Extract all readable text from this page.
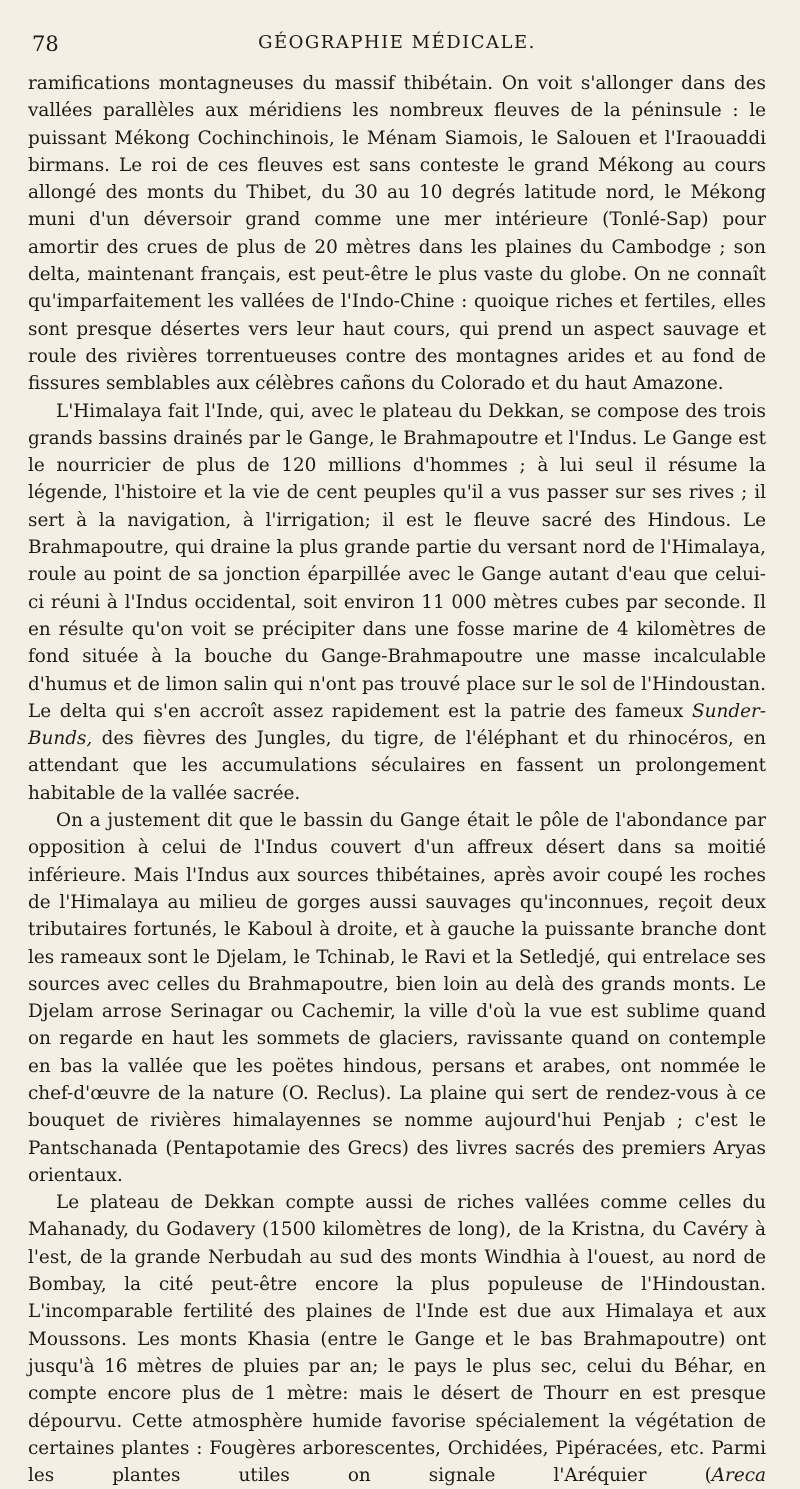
78	GÉOGRAPHIE MÉDICALE.

ramifications montagneuses du massif thibétain. On voit s'allonger dans des vallées parallèles aux méridiens les nombreux fleuves de la péninsule : le puissant Mékong Cochinchinois, le Ménam Siamois, le Salouen et l'Iraouaddi birmans. Le roi de ces fleuves est sans conteste le grand Mékong au cours allongé des monts du Thibet, du 30 au 10 degrés latitude nord, le Mékong muni d'un déversoir grand comme une mer intérieure (Tonlé-Sap) pour amortir des crues de plus de 20 mètres dans les plaines du Cambodge ; son delta, maintenant français, est peut-être le plus vaste du globe. On ne connaît qu'imparfaitement les vallées de l'Indo-Chine : quoique riches et fertiles, elles sont presque désertes vers leur haut cours, qui prend un aspect sauvage et roule des rivières torrentueuses contre des montagnes arides et au fond de fissures semblables aux célèbres cañons du Colorado et du haut Amazone.

L'Himalaya fait l'Inde, qui, avec le plateau du Dekkan, se compose des trois grands bassins drainés par le Gange, le Brahmapoutre et l'Indus. Le Gange est le nourricier de plus de 120 millions d'hommes ; à lui seul il résume la légende, l'histoire et la vie de cent peuples qu'il a vus passer sur ses rives ; il sert à la navigation, à l'irrigation; il est le fleuve sacré des Hindous. Le Brahmapoutre, qui draine la plus grande partie du versant nord de l'Himalaya, roule au point de sa jonction éparpillée avec le Gange autant d'eau que celui-ci réuni à l'Indus occidental, soit environ 11 000 mètres cubes par seconde. Il en résulte qu'on voit se précipiter dans une fosse marine de 4 kilomètres de fond située à la bouche du Gange-Brahmapoutre une masse incalculable d'humus et de limon salin qui n'ont pas trouvé place sur le sol de l'Hindoustan. Le delta qui s'en accroît assez rapidement est la patrie des fameux Sunder-Bunds, des fièvres des Jungles, du tigre, de l'éléphant et du rhinocéros, en attendant que les accumulations séculaires en fassent un prolongement habitable de la vallée sacrée.

On a justement dit que le bassin du Gange était le pôle de l'abondance par opposition à celui de l'Indus couvert d'un affreux désert dans sa moitié inférieure. Mais l'Indus aux sources thibétaines, après avoir coupé les roches de l'Himalaya au milieu de gorges aussi sauvages qu'inconnues, reçoit deux tributaires fortunés, le Kaboul à droite, et à gauche la puissante branche dont les rameaux sont le Djelam, le Tchinab, le Ravi et la Setledjé, qui entrelace ses sources avec celles du Brahmapoutre, bien loin au delà des grands monts. Le Djelam arrose Serinagar ou Cachemir, la ville d'où la vue est sublime quand on regarde en haut les sommets de glaciers, ravissante quand on contemple en bas la vallée que les poëtes hindous, persans et arabes, ont nommée le chef-d'œuvre de la nature (O. Reclus). La plaine qui sert de rendez-vous à ce bouquet de rivières himalayennes se nomme aujourd'hui Penjab ; c'est le Pantschanada (Pentapotamie des Grecs) des livres sacrés des premiers Aryas orientaux.

Le plateau de Dekkan compte aussi de riches vallées comme celles du Mahanady, du Godavery (1500 kilomètres de long), de la Kristna, du Cavéry à l'est, de la grande Nerbudah au sud des monts Windhia à l'ouest, au nord de Bombay, la cité peut-être encore la plus populeuse de l'Hindoustan. L'incomparable fertilité des plaines de l'Inde est due aux Himalaya et aux Moussons. Les monts Khasia (entre le Gange et le bas Brahmapoutre) ont jusqu'à 16 mètres de pluies par an; le pays le plus sec, celui du Béhar, en compte encore plus de 1 mètre: mais le désert de Thourr en est presque dépourvu. Cette atmosphère humide favorise spécialement la végétation de certaines plantes : Fougères arborescentes, Orchidées, Pipéracées, etc. Parmi les plantes utiles on signale l'Aréquier (Areca
